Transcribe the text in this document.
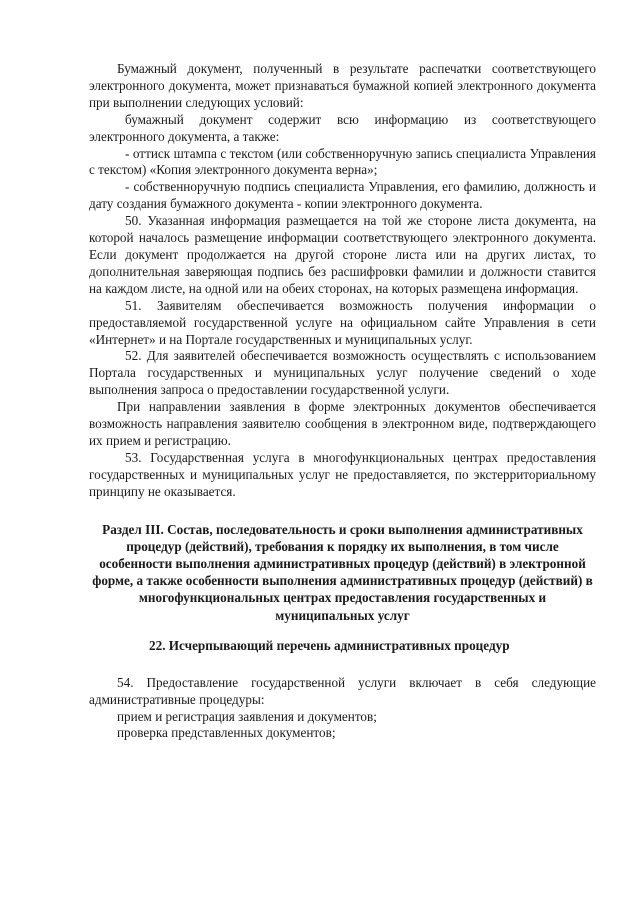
Бумажный документ, полученный в результате распечатки соответствующего электронного документа, может признаваться бумажной копией электронного документа при выполнении следующих условий:

бумажный документ содержит всю информацию из соответствующего электронного документа, а также:

- оттиск штампа с текстом (или собственноручную запись специалиста Управления с текстом) «Копия электронного документа верна»;

- собственноручную подпись специалиста Управления, его фамилию, должность и дату создания бумажного документа - копии электронного документа.

50. Указанная информация размещается на той же стороне листа документа, на которой началось размещение информации соответствующего электронного документа. Если документ продолжается на другой стороне листа или на других листах, то дополнительная заверяющая подпись без расшифровки фамилии и должности ставится на каждом листе, на одной или на обеих сторонах, на которых размещена информация.

51. Заявителям обеспечивается возможность получения информации о предоставляемой государственной услуге на официальном сайте Управления в сети «Интернет» и на Портале государственных и муниципальных услуг.

52. Для заявителей обеспечивается возможность осуществлять с использованием Портала государственных и муниципальных услуг получение сведений о ходе выполнения запроса о предоставлении государственной услуги.

При направлении заявления в форме электронных документов обеспечивается возможность направления заявителю сообщения в электронном виде, подтверждающего их прием и регистрацию.

53. Государственная услуга в многофункциональных центрах предоставления государственных и муниципальных услуг не предоставляется, по экстерриториальному принципу не оказывается.

Раздел III. Состав, последовательность и сроки выполнения административных процедур (действий), требования к порядку их выполнения, в том числе особенности выполнения административных процедур (действий) в электронной форме, а также особенности выполнения административных процедур (действий) в многофункциональных центрах предоставления государственных и муниципальных услуг

22. Исчерпывающий перечень административных процедур

54. Предоставление государственной услуги включает в себя следующие административные процедуры:

прием и регистрация заявления и документов;

проверка представленных документов;
